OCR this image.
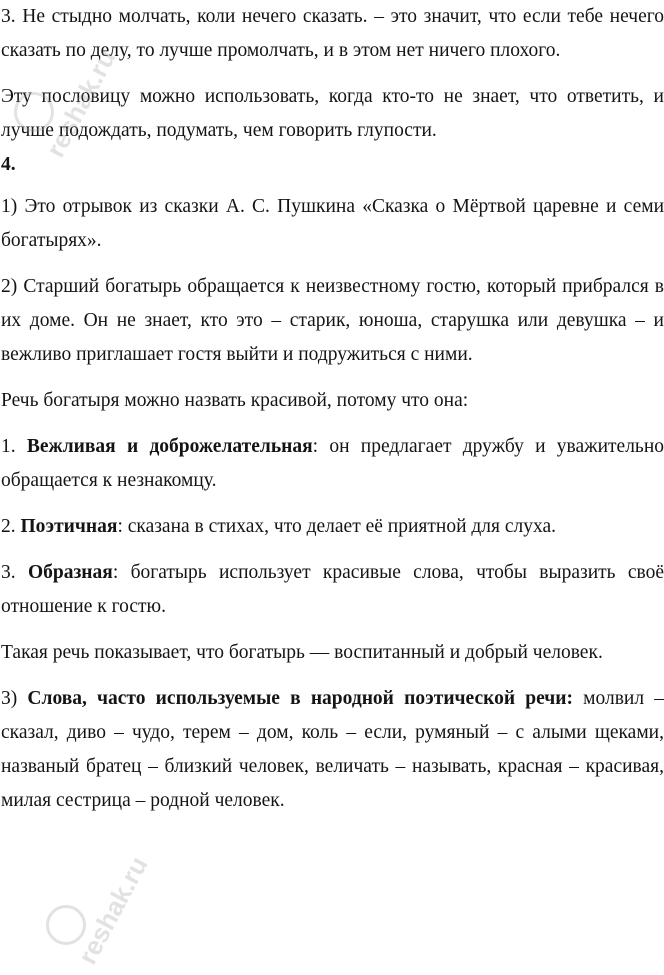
3. Не стыдно молчать, коли нечего сказать. – это значит, что если тебе нечего сказать по делу, то лучше промолчать, и в этом нет ничего плохого.

Эту пословицу можно использовать, когда кто-то не знает, что ответить, и лучше подождать, подумать, чем говорить глупости.

4.

1) Это отрывок из сказки А. С. Пушкина «Сказка о Мёртвой царевне и семи богатырях».

2) Старший богатырь обращается к неизвестному гостю, который прибрался в их доме. Он не знает, кто это – старик, юноша, старушка или девушка – и вежливо приглашает гостя выйти и подружиться с ними.

Речь богатыря можно назвать красивой, потому что она:

1. Вежливая и доброжелательная: он предлагает дружбу и уважительно обращается к незнакомцу.

2. Поэтичная: сказана в стихах, что делает её приятной для слуха.

3. Образная: богатырь использует красивые слова, чтобы выразить своё отношение к гостю.

Такая речь показывает, что богатырь — воспитанный и добрый человек.

3) Слова, часто используемые в народной поэтической речи: молвил – сказал, диво – чудо, терем – дом, коль – если, румяный – с алыми щеками, названый братец – близкий человек, величать – называть, красная – красивая, милая сестрица – родной человек.

reshak.ru
reshak.ru
